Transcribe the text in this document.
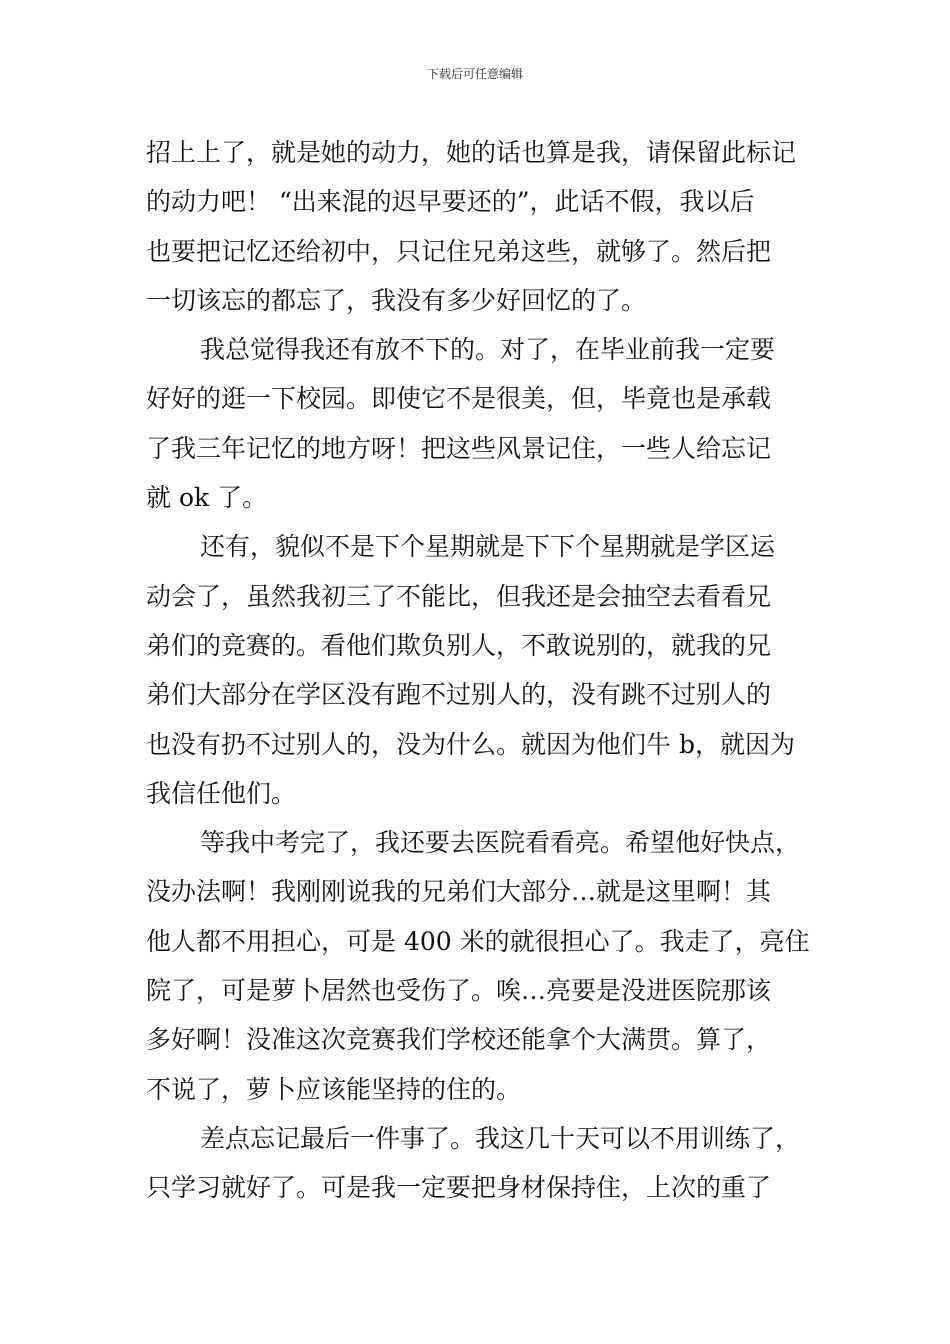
下载后可任意编辑
招上上了，就是她的动力，她的话也算是我，请保留此标记
的动力吧！ “出来混的迟早要还的”，此话不假，我以后
也要把记忆还给初中，只记住兄弟这些，就够了。然后把
一切该忘的都忘了，我没有多少好回忆的了。
我总觉得我还有放不下的。对了，在毕业前我一定要
好好的逛一下校园。即使它不是很美，但，毕竟也是承载
了我三年记忆的地方呀！把这些风景记住，一些人给忘记
就 ok 了。
还有，貌似不是下个星期就是下下个星期就是学区运
动会了，虽然我初三了不能比，但我还是会抽空去看看兄
弟们的竞赛的。看他们欺负别人，不敢说别的，就我的兄
弟们大部分在学区没有跑不过别人的，没有跳不过别人的
也没有扔不过别人的，没为什么。就因为他们牛 b，就因为
我信任他们。
等我中考完了，我还要去医院看看亮。希望他好快点，
没办法啊！我刚刚说我的兄弟们大部分…就是这里啊！其
他人都不用担心，可是 400 米的就很担心了。我走了，亮住
院了，可是萝卜居然也受伤了。唉…亮要是没进医院那该
多好啊！没准这次竞赛我们学校还能拿个大满贯。算了，
不说了，萝卜应该能坚持的住的。
差点忘记最后一件事了。我这几十天可以不用训练了，
只学习就好了。可是我一定要把身材保持住，上次的重了
